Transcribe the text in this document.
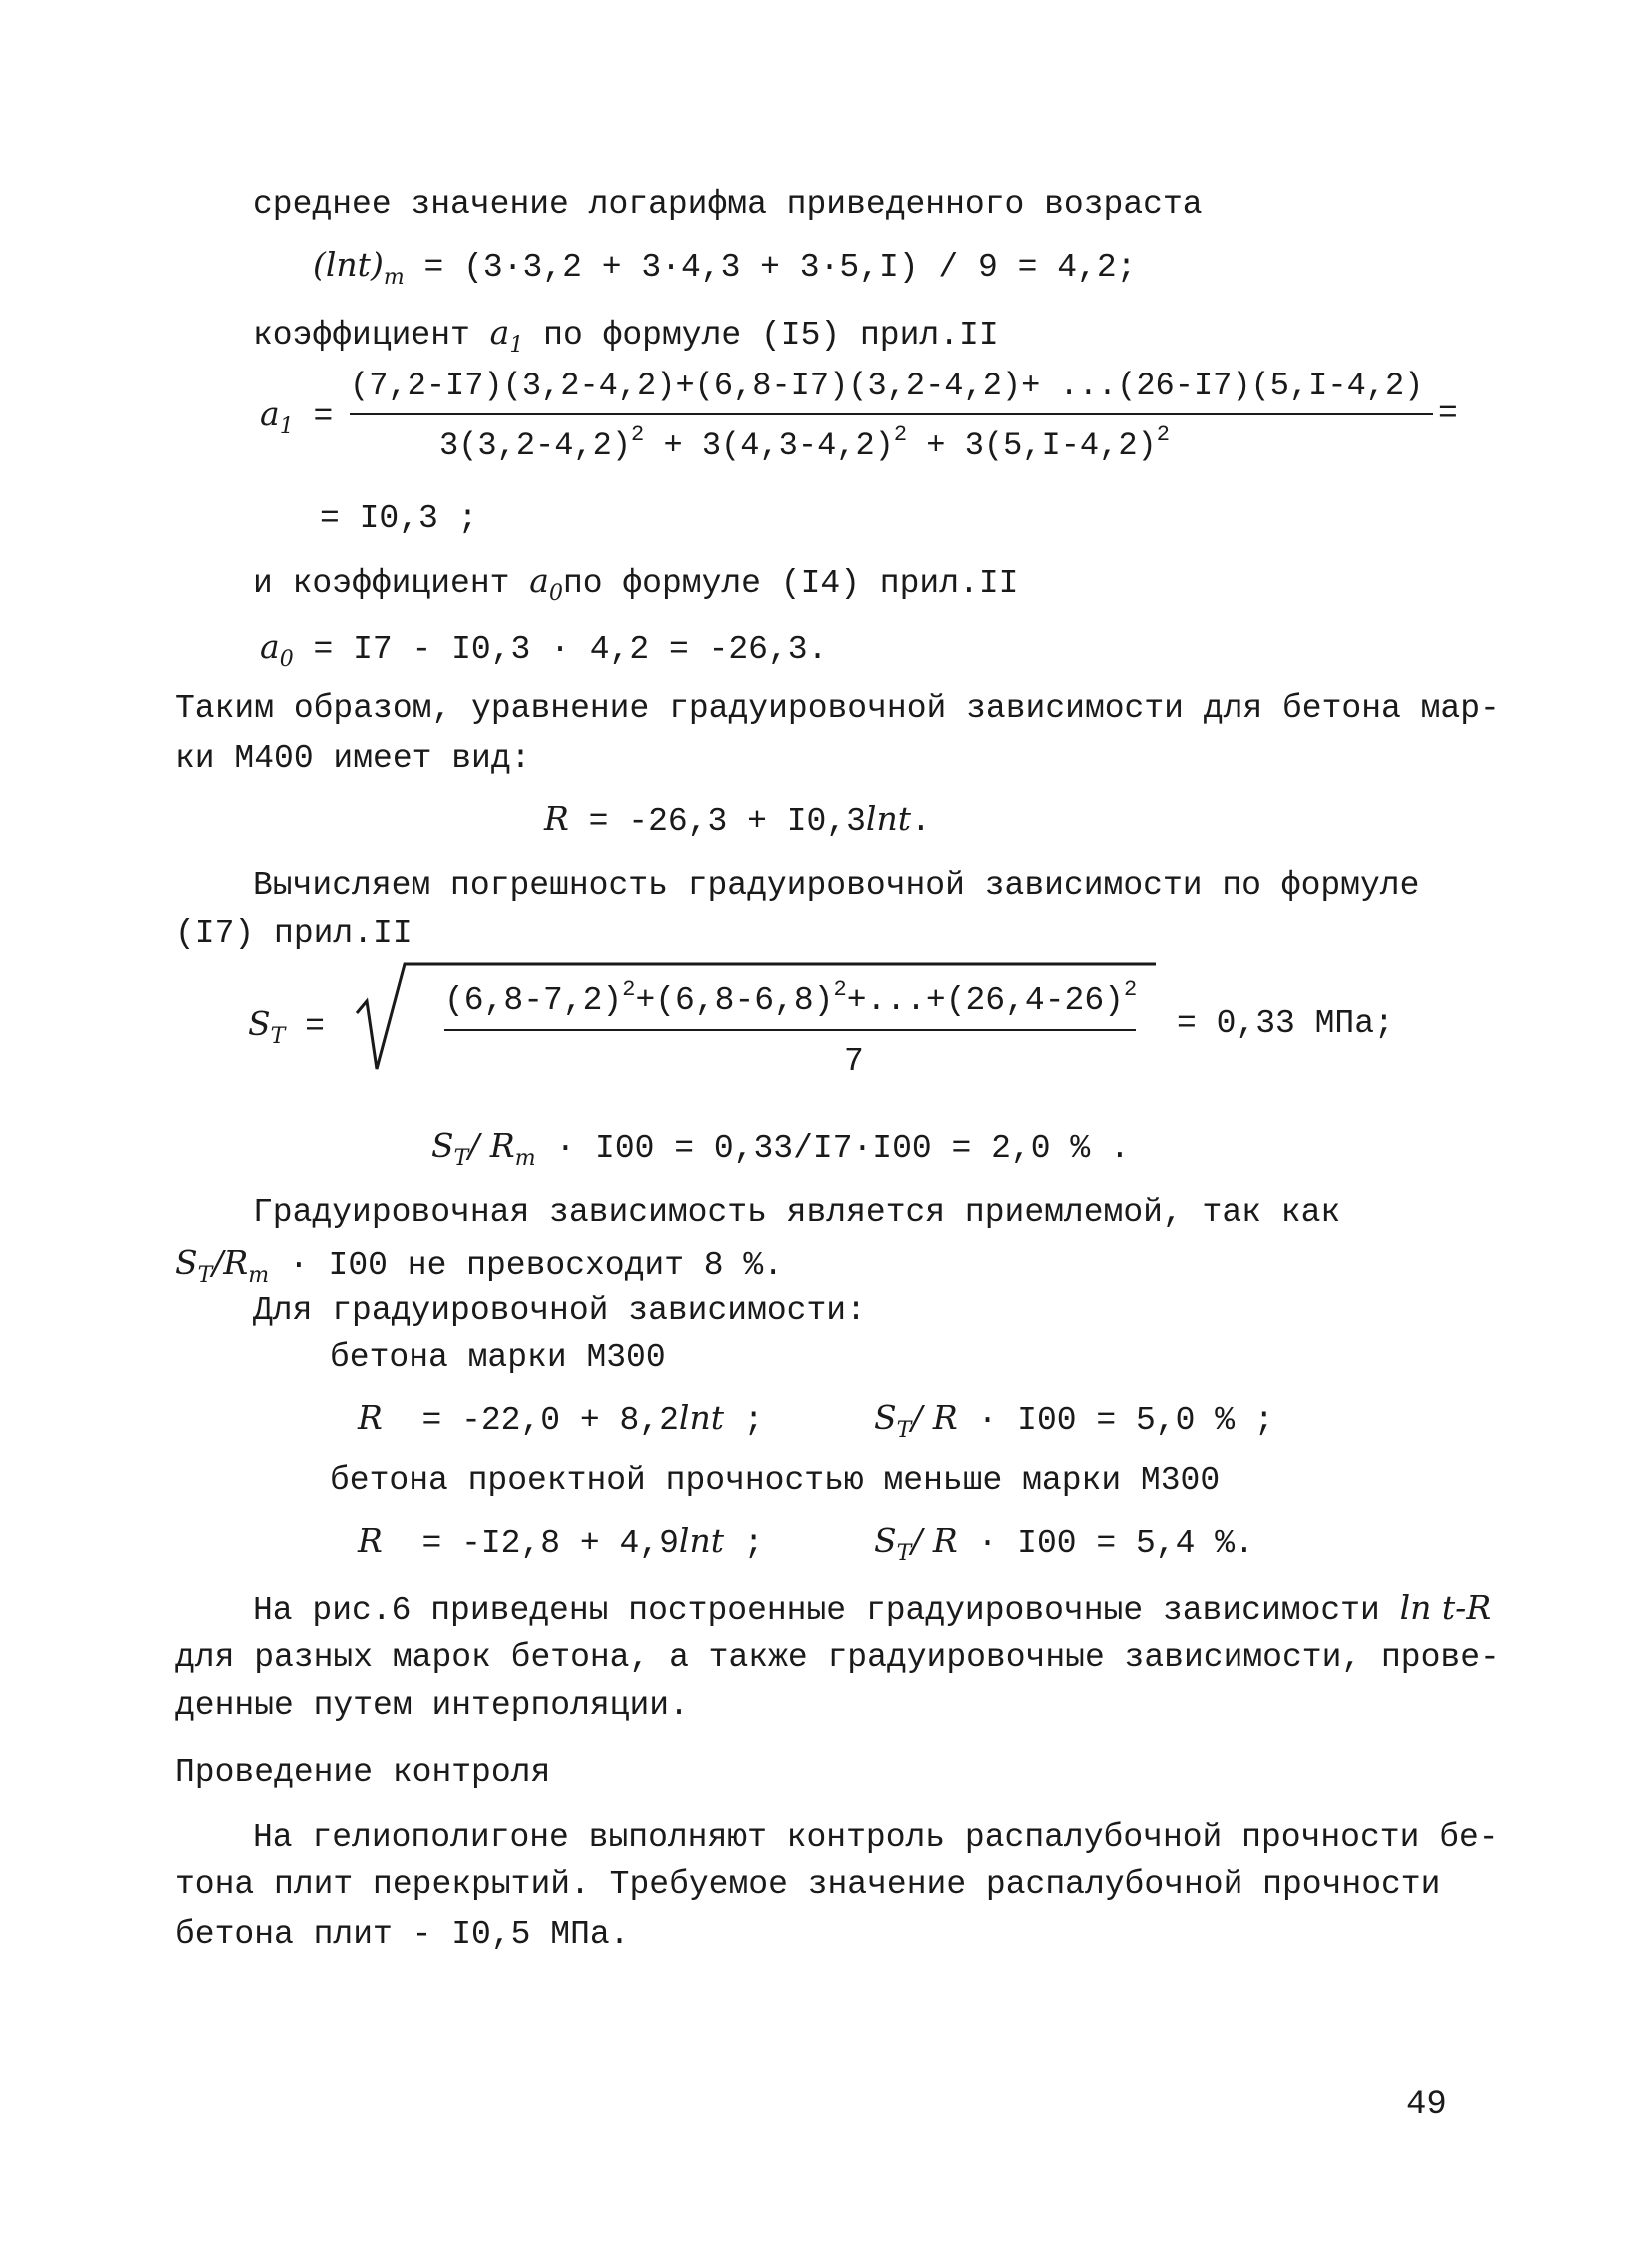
среднее значение логарифма приведенного возраста
$(\ln t)_m = (3\cdot 3,2 + 3\cdot 4,3 + 3\cdot 5,I) / 9 = 4,2$;
коэффициент $a_1$ по формуле (I5) прил.II
$a_1$ =
(7,2-I7)(3,2-4,2)+(6,8-I7)(3,2-4,2)+ ...(26-I7)(5,I-4,2)
$3(3,2-4,2)^2 + 3(4,3-4,2)^2 + 3(5,I-4,2)^2$
=
= I0,3 ;
и коэффициент $a_0по$ формуле (I4) прил.II
$a_0 = I7 - I0,3 \cdot 4,2 = -26,3$.
Таким образом, уравнение градуировочной зависимости для бетона мар-
ки М400 имеет вид:
R = -26,3 + I0,3lnt.
Вычисляем погрешность градуировочной зависимости по формуле
(I7) прил.II
$S_T$ =
$(6,8-7,2)^2+(6,8-6,8)^2+...+(26,4-26)^2$
7
= 0,33 МПа;
$S_T/$ $R_m \cdot I00 = 0,33/I7\cdot I00 = 2,0$ % .
Градуировочная зависимость является приемлемой, так как
$S_T/R_m \cdot I00$ не превосходит 8 %.
Для градуировочной зависимости:
бетона марки М300
R  = -22,0 + 8,2lnt ;	$S_T/$ R · I00 = 5,0 % ;
бетона проектной прочностью меньше марки М300
R  = -I2,8 + 4,9lnt ;	$S_T/$ R · I00 = 5,4 %.
На рис.6 приведены построенные градуировочные зависимости ln t-R
для разных марок бетона, а также градуировочные зависимости, прове-
денные путем интерполяции.
Проведение контроля
На гелиополигоне выполняют контроль распалубочной прочности бе-
тона плит перекрытий. Требуемое значение распалубочной прочности
бетона плит - I0,5 МПа.
49
